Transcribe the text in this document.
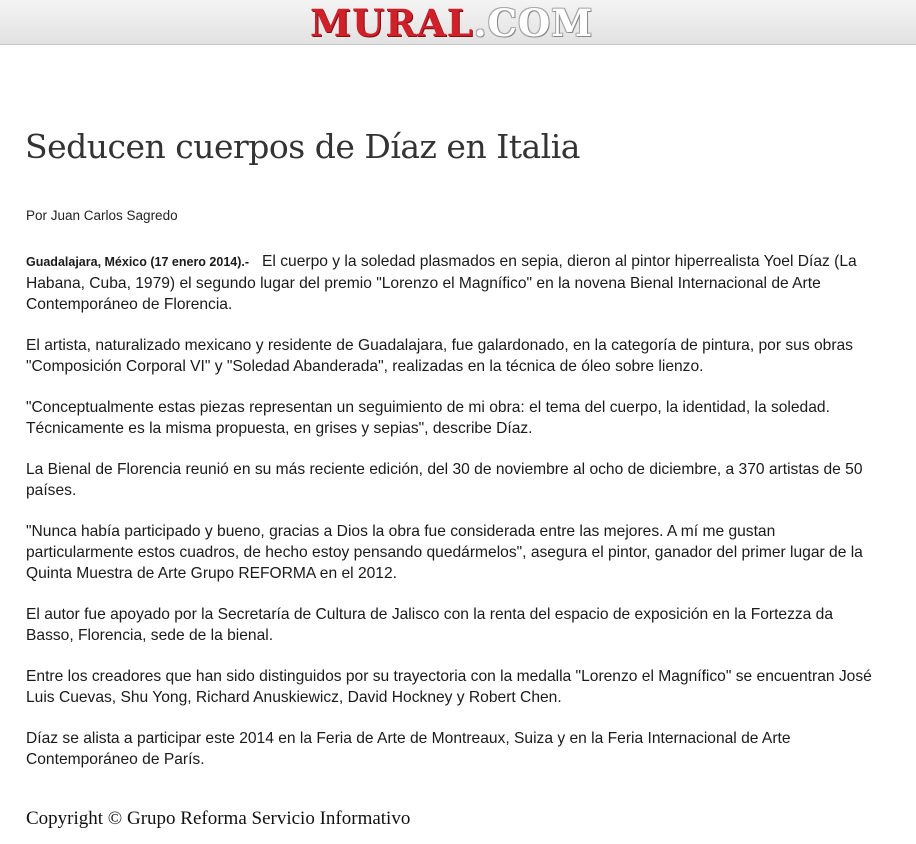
MURAL.COM
Seducen cuerpos de Díaz en Italia
Por Juan Carlos Sagredo

Guadalajara, México (17 enero 2014).- El cuerpo y la soledad plasmados en sepia, dieron al pintor hiperrealista Yoel Díaz (La Habana, Cuba, 1979) el segundo lugar del premio "Lorenzo el Magnífico" en la novena Bienal Internacional de Arte Contemporáneo de Florencia.

El artista, naturalizado mexicano y residente de Guadalajara, fue galardonado, en la categoría de pintura, por sus obras "Composición Corporal VI" y "Soledad Abanderada", realizadas en la técnica de óleo sobre lienzo.

"Conceptualmente estas piezas representan un seguimiento de mi obra: el tema del cuerpo, la identidad, la soledad. Técnicamente es la misma propuesta, en grises y sepias", describe Díaz.

La Bienal de Florencia reunió en su más reciente edición, del 30 de noviembre al ocho de diciembre, a 370 artistas de 50 países.

"Nunca había participado y bueno, gracias a Dios la obra fue considerada entre las mejores. A mí me gustan particularmente estos cuadros, de hecho estoy pensando quedármelos", asegura el pintor, ganador del primer lugar de la Quinta Muestra de Arte Grupo REFORMA en el 2012.

El autor fue apoyado por la Secretaría de Cultura de Jalisco con la renta del espacio de exposición en la Fortezza da Basso, Florencia, sede de la bienal.

Entre los creadores que han sido distinguidos por su trayectoria con la medalla "Lorenzo el Magnífico" se encuentran José Luis Cuevas, Shu Yong, Richard Anuskiewicz, David Hockney y Robert Chen.

Díaz se alista a participar este 2014 en la Feria de Arte de Montreaux, Suiza y en la Feria Internacional de Arte Contemporáneo de París.

Copyright © Grupo Reforma Servicio Informativo
